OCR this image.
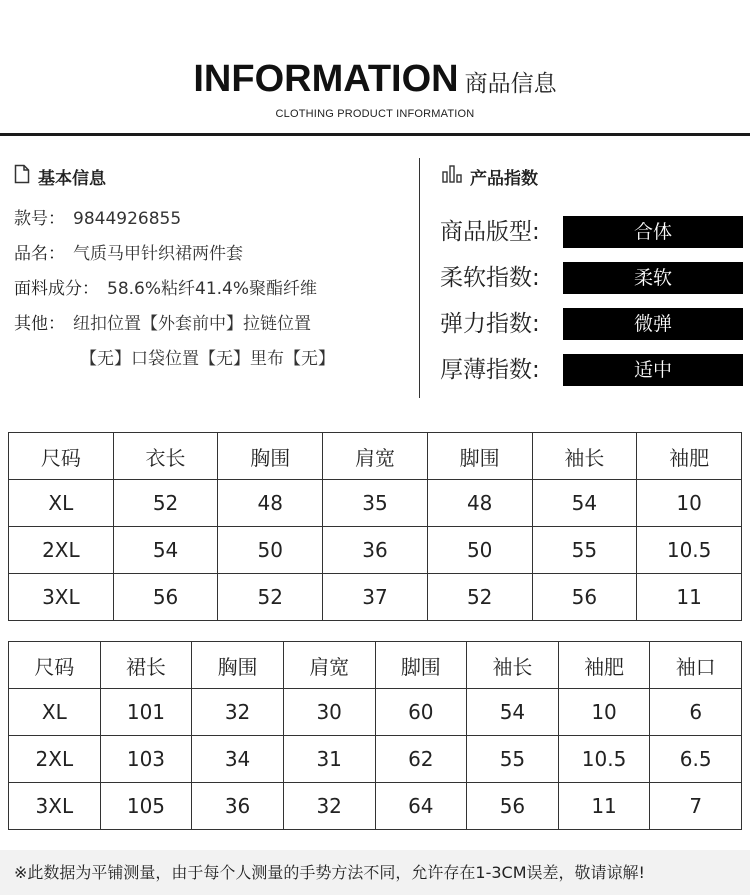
INFORMATION 商品信息
CLOTHING PRODUCT INFORMATION
基本信息
款号： 9844926855
品名： 气质马甲针织裙两件套
面料成分： 58.6%粘纤41.4%聚酯纤维
其他： 纽扣位置【外套前中】拉链位置
【无】口袋位置【无】里布【无】
产品指数
商品版型:	合体
柔软指数:	柔软
弹力指数:	微弹
厚薄指数:	适中
尺码	衣长	胸围	肩宽	脚围	袖长	袖肥
XL	52	48	35	48	54	10
2XL	54	50	36	50	55	10.5
3XL	56	52	37	52	56	11
尺码	裙长	胸围	肩宽	脚围	袖长	袖肥	袖口
XL	101	32	30	60	54	10	6
2XL	103	34	31	62	55	10.5	6.5
3XL	105	36	32	64	56	11	7
※此数据为平铺测量，由于每个人测量的手势方法不同，允许存在1-3CM误差，敬请谅解!
